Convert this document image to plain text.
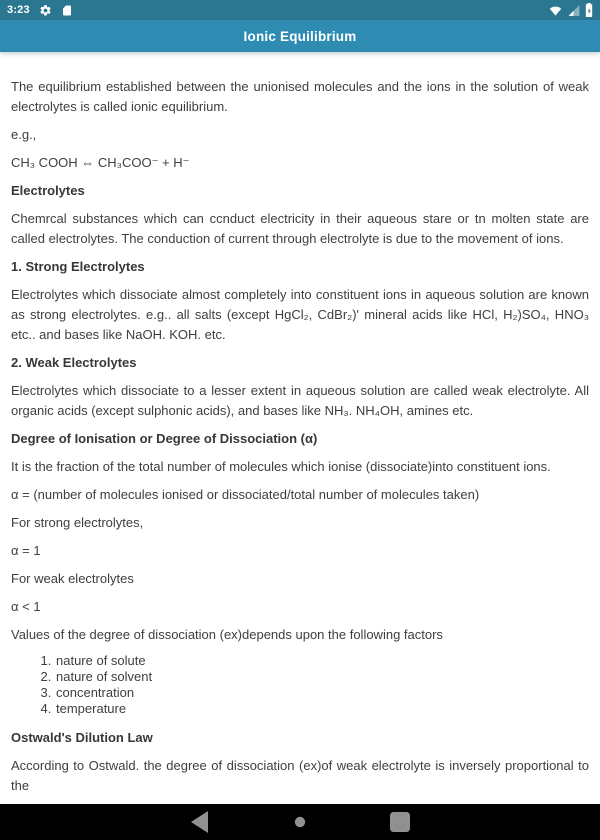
3:23
Ionic Equilibrium

The equilibrium established between the unionised molecules and the ions in the solution of weak electrolytes is called ionic equilibrium.

e.g.,

CH₃ COOH ⇔ CH₃COO⁻ + H⁻

Electrolytes

Chemrcal substances which can ccnduct electricity in their aqueous stare or tn molten state are called electrolytes. The conduction of current through electrolyte is due to the movement of ions.

1. Strong Electrolytes

Electrolytes which dissociate almost completely into constituent ions in aqueous solution are known as strong electrolytes. e.g.. all salts (except HgCl₂, CdBr₂)' mineral acids like HCl, H₂)SO₄, HNO₃ etc.. and bases like NaOH. KOH. etc.

2. Weak Electrolytes

Electrolytes which dissociate to a lesser extent in aqueous solution are called weak electrolyte. All organic acids (except sulphonic acids), and bases like NH₃. NH₄OH, amines etc.

Degree of Ionisation or Degree of Dissociation (α)

It is the fraction of the total number of molecules which ionise (dissociate)into constituent ions.

α = (number of molecules ionised or dissociated/total number of molecules taken)

For strong electrolytes,

α = 1

For weak electrolytes

α < 1

Values of the degree of dissociation (ex)depends upon the following factors

1. nature of solute
2. nature of solvent
3. concentration
4. temperature
Ostwald's Dilution Law

According to Ostwald. the degree of dissociation (ex)of weak electrolyte is inversely proportional to the
